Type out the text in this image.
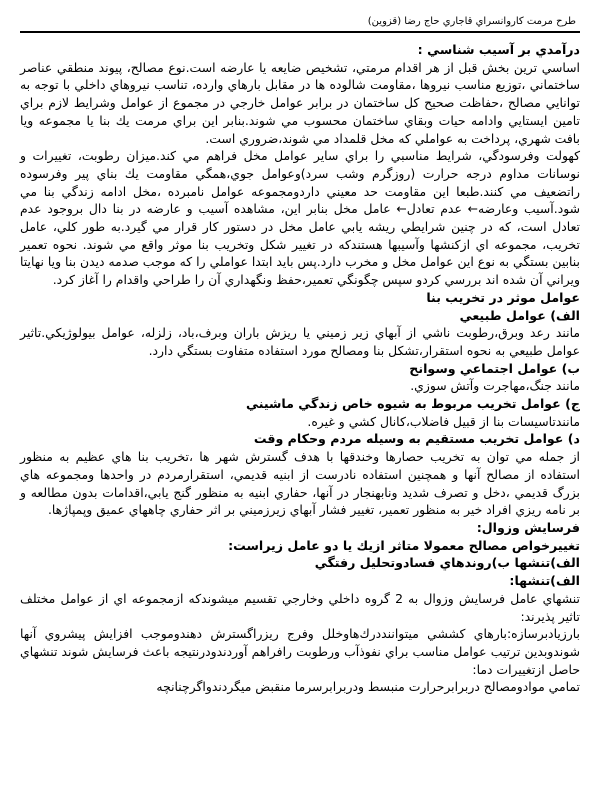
طرح مرمت كاروانسراي قاجاري حاج رضا (قزوين)

درآمدي بر آسيب شناسي :

اساسي ترين بخش قبل از هر اقدام مرمتي، تشخيص ضايعه يا عارضه است.نوع مصالح، پيوند منطقي عناصر ساختماني ،توزيع مناسب نيروها ،مقاومت شالوده ها در مقابل بارهاي وارده، تناسب نيروهاي داخلي با توجه به توانايي مصالح ،حفاظت صحيح كل ساختمان در برابر عوامل خارجي در مجموع از عوامل وشرايط لازم براي تامين ايستايي وادامه حيات وبقاي ساختمان محسوب مي شوند.بنابر اين براي مرمت يك بنا يا مجموعه ويا بافت شهري، پرداخت به عواملي كه مخل قلمداد مي شوند،ضروري است.

كهولت وفرسودگي، شرايط مناسبي را براي ساير عوامل مخل فراهم مي كند.ميزان رطوبت، تغييرات و نوسانات مداوم درجه حرارت (روزگرم وشب سرد)وعوامل جوي،همگي مقاومت يك بناي پير وفرسوده راتضعيف مي كنند.طبعا اين مقاومت حد معيني داردومجموعه عوامل نامبرده ،مخل ادامه زندگي بنا مي شود.آسيب وعارضه← عدم تعادل← عامل مخل بنابر اين، مشاهده آسيب و عارضه در بنا دال بروجود عدم تعادل است، كه در چنين شرايطي ريشه يابي عامل مخل در دستور كار قرار مي گيرد.به طور كلي، عامل تخريب، مجموعه اي ازكنشها وآسيبها هستندكه در تغيير شكل وتخريب بنا موثر واقع مي شوند. نحوه تعمير بنابين بستگي به نوع اين عوامل مخل و مخرب دارد.پس بايد ابتدا عواملي را كه موجب صدمه ديدن بنا ويا نهايتا ويراني آن شده اند بررسي كردو سپس چگونگي تعمير،حفظ ونگهداري آن را طراحي واقدام را آغاز كرد.

عوامل موثر در تخريب بنا

الف) عوامل طبيعي

مانند رعد وبرق،رطوبت ناشي از آبهاي زير زميني يا ريزش باران وبرف،باد، زلزله، عوامل بيولوژيكي.تاثير عوامل طبيعي به نحوه استقرار،تشكل بنا ومصالح مورد استفاده متفاوت بستگي دارد.

ب) عوامل اجتماعي وسوانح

مانند جنگ،مهاجرت وآتش سوزي.

ج) عوامل تخريب مربوط به شيوه خاص زندگي ماشيني

مانندتاسيسات بنا از قبيل فاضلاب،كانال كشي و غيره.

د) عوامل تخريب مستقيم به وسيله مردم وحكام وقت

از جمله مي توان به تخريب حصارها وخندقها با هدف گسترش شهر ها ،تخريب بنا هاي عظيم به منظور استفاده از مصالح آنها و همچنين استفاده نادرست از ابنيه قديمي، استقرارمردم در واحدها ومجموعه هاي بزرگ قديمي ،دخل و تصرف شديد ونابهنجار در آنها، حفاري ابنيه به منظور گنج يابي،اقدامات بدون مطالعه و بر نامه ريزي افراد خير به منظور تعمير، تغيير فشار آبهاي زيرزميني بر اثر حفاري چاههاي عميق وپمپاژها.

فرسايش وزوال:

تغييرخواص مصالح معمولا متاثر ازيك يا دو عامل زيراست:

الف)تنشها ب)روندهاي فسادوتحليل رفتگي

الف)تنشها:

تنشهاي عامل فرسايش وزوال به 2 گروه داخلي وخارجي تقسيم ميشوندكه ازمجموعه اي از عوامل مختلف تاثير پذيرند:

بارزيادبرسازه:بارهاي كششي ميتواننددرك‌هاوخلل وفرج ريزرا‌گسترش دهندوموجب افزايش پيشروي آنها شوندوبدين ترتيب عوامل مناسب براي نفوذآب ورطوبت رافراهم آوردندو‌درنتيجه باعث فرسايش شوند تنشهاي حاصل ازتغييرات دما:

تمامي موادومصالح دربرابرحرارت منبسط ودربرابرسرما منقبض ميگردندواگرچنانچه
